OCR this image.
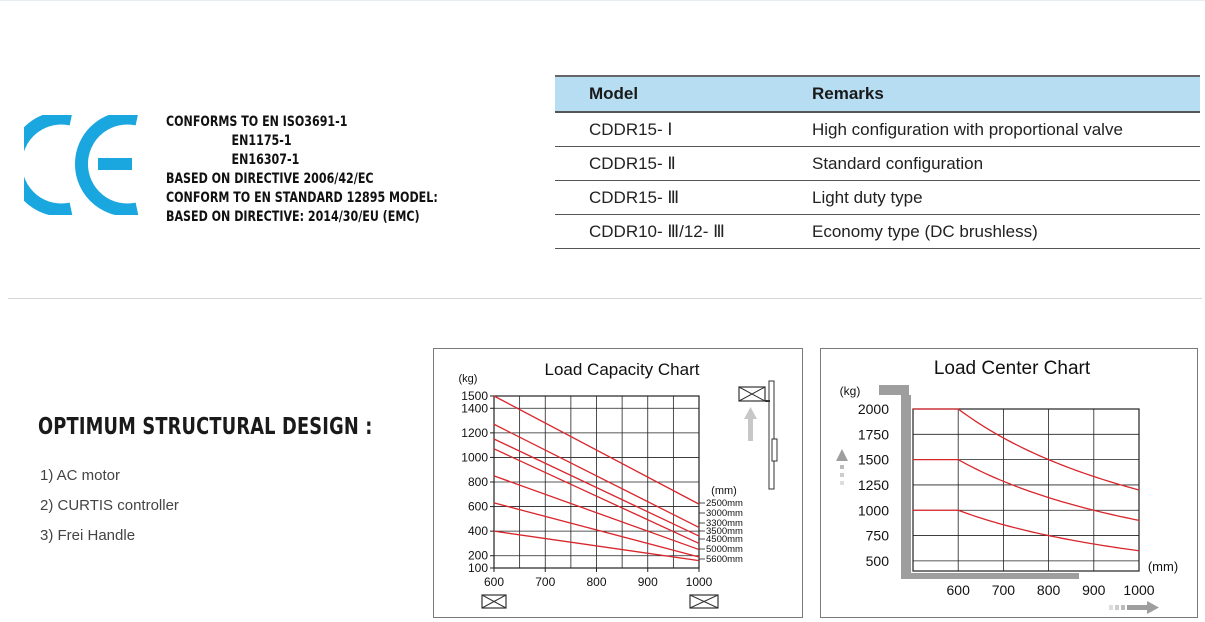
CONFORMS TO EN ISO3691-1
EN1175-1
EN16307-1
BASED ON DIRECTIVE 2006/42/EC
CONFORM TO EN STANDARD 12895 MODEL:
BASED ON DIRECTIVE: 2014/30/EU (EMC)
Model	Remarks
CDDR15- Ⅰ	High configuration with proportional valve
CDDR15- Ⅱ	Standard configuration
CDDR15- Ⅲ	Light duty type
CDDR10- Ⅲ/12- Ⅲ	Economy type (DC brushless)
OPTIMUM STRUCTURAL DESIGN :
1) AC motor
2) CURTIS controller
3) Frei Handle
Load Capacity Chart
(kg)
(mm)
100
200
400
600
800
1000
1200
1400
1500
600	700	800	900 1000
2500mm
3000mm
3300mm
3500mm
4500mm
5000mm
5600mm
Load Center Chart
(kg)
(mm)
600 700 800 900 1000
500
750
1000
1250
1500
1750
2000
